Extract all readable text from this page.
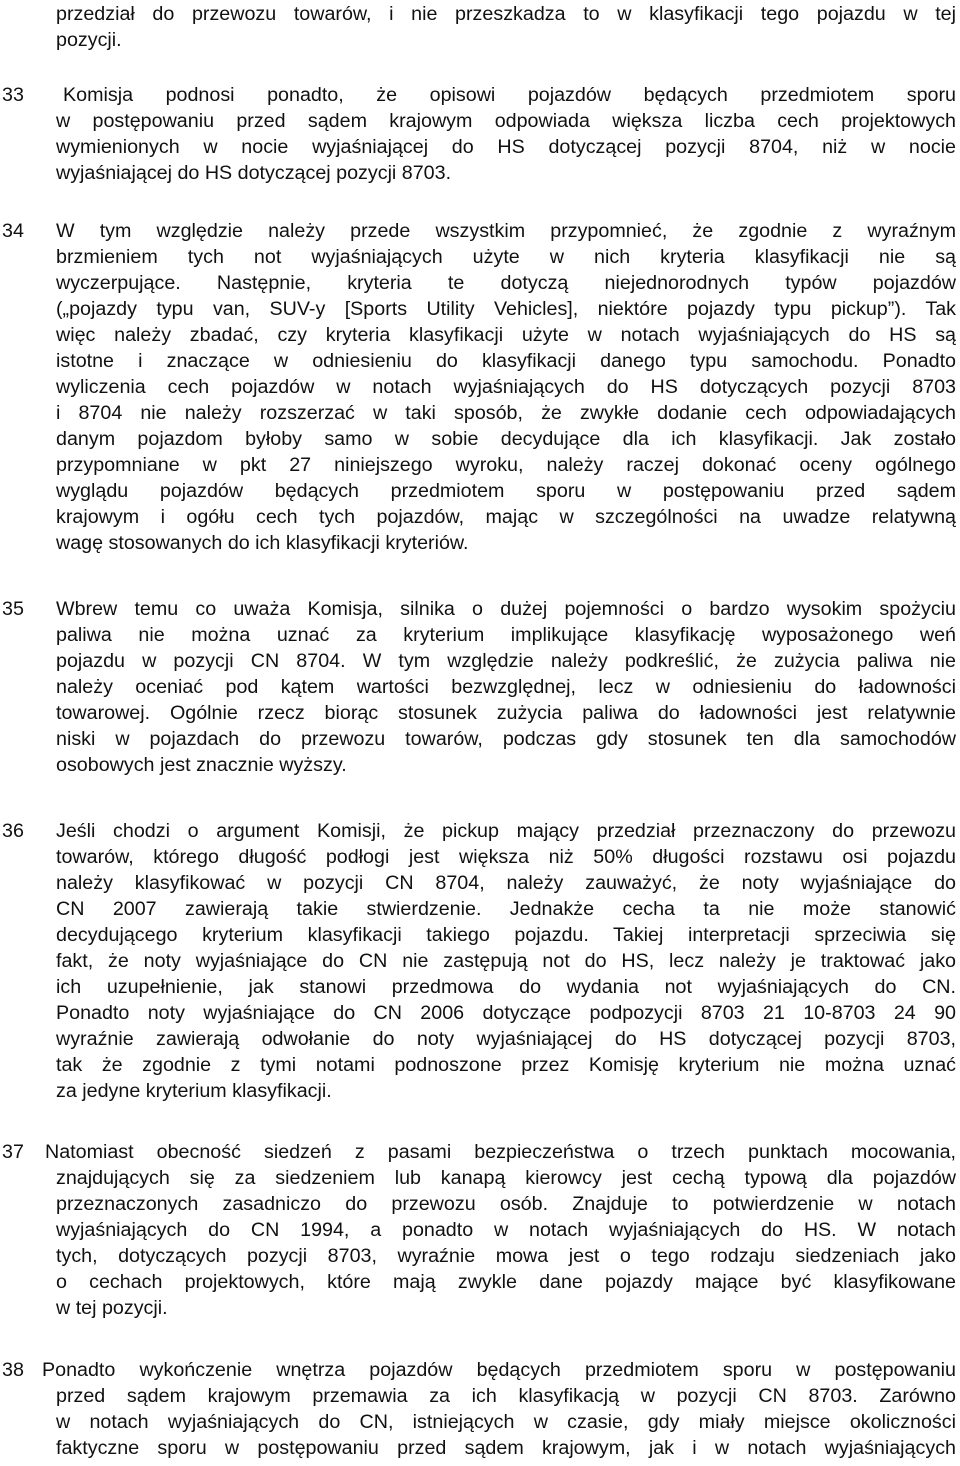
przedział do przewozu towarów, i nie przeszkadza to w klasyfikacji tego pojazdu w tej
pozycji.
33 Komisja podnosi ponadto, że opisowi pojazdów będących przedmiotem sporu
w postępowaniu przed sądem krajowym odpowiada większa liczba cech projektowych
wymienionych w nocie wyjaśniającej do HS dotyczącej pozycji 8704, niż w nocie
wyjaśniającej do HS dotyczącej pozycji 8703.
34 W tym względzie należy przede wszystkim przypomnieć, że zgodnie z wyraźnym
brzmieniem tych not wyjaśniających użyte w nich kryteria klasyfikacji nie są
wyczerpujące. Następnie, kryteria te dotyczą niejednorodnych typów pojazdów
(„pojazdy typu van, SUV-y [Sports Utility Vehicles], niektóre pojazdy typu pickup”). Tak
więc należy zbadać, czy kryteria klasyfikacji użyte w notach wyjaśniających do HS są
istotne i znaczące w odniesieniu do klasyfikacji danego typu samochodu. Ponadto
wyliczenia cech pojazdów w notach wyjaśniających do HS dotyczących pozycji 8703
i 8704 nie należy rozszerzać w taki sposób, że zwykłe dodanie cech odpowiadających
danym pojazdom byłoby samo w sobie decydujące dla ich klasyfikacji. Jak zostało
przypomniane w pkt 27 niniejszego wyroku, należy raczej dokonać oceny ogólnego
wyglądu pojazdów będących przedmiotem sporu w postępowaniu przed sądem
krajowym i ogółu cech tych pojazdów, mając w szczególności na uwadze relatywną
wagę stosowanych do ich klasyfikacji kryteriów.
35 Wbrew temu co uważa Komisja, silnika o dużej pojemności o bardzo wysokim spożyciu
paliwa nie można uznać za kryterium implikujące klasyfikację wyposażonego weń
pojazdu w pozycji CN 8704. W tym względzie należy podkreślić, że zużycia paliwa nie
należy oceniać pod kątem wartości bezwzględnej, lecz w odniesieniu do ładowności
towarowej. Ogólnie rzecz biorąc stosunek zużycia paliwa do ładowności jest relatywnie
niski w pojazdach do przewozu towarów, podczas gdy stosunek ten dla samochodów
osobowych jest znacznie wyższy.
36 Jeśli chodzi o argument Komisji, że pickup mający przedział przeznaczony do przewozu
towarów, którego długość podłogi jest większa niż 50% długości rozstawu osi pojazdu
należy klasyfikować w pozycji CN 8704, należy zauważyć, że noty wyjaśniające do
CN 2007 zawierają takie stwierdzenie. Jednakże cecha ta nie może stanowić
decydującego kryterium klasyfikacji takiego pojazdu. Takiej interpretacji sprzeciwia się
fakt, że noty wyjaśniające do CN nie zastępują not do HS, lecz należy je traktować jako
ich uzupełnienie, jak stanowi przedmowa do wydania not wyjaśniających do CN.
Ponadto noty wyjaśniające do CN 2006 dotyczące podpozycji 8703 21 10-8703 24 90
wyraźnie zawierają odwołanie do noty wyjaśniającej do HS dotyczącej pozycji 8703,
tak że zgodnie z tymi notami podnoszone przez Komisję kryterium nie można uznać
za jedyne kryterium klasyfikacji.
37 Natomiast obecność siedzeń z pasami bezpieczeństwa o trzech punktach mocowania,
znajdujących się za siedzeniem lub kanapą kierowcy jest cechą typową dla pojazdów
przeznaczonych zasadniczo do przewozu osób. Znajduje to potwierdzenie w notach
wyjaśniających do CN 1994, a ponadto w notach wyjaśniających do HS. W notach
tych, dotyczących pozycji 8703, wyraźnie mowa jest o tego rodzaju siedzeniach jako
o cechach projektowych, które mają zwykle dane pojazdy mające być klasyfikowane
w tej pozycji.
38 Ponadto wykończenie wnętrza pojazdów będących przedmiotem sporu w postępowaniu
przed sądem krajowym przemawia za ich klasyfikacją w pozycji CN 8703. Zarówno
w notach wyjaśniających do CN, istniejących w czasie, gdy miały miejsce okoliczności
faktyczne sporu w postępowaniu przed sądem krajowym, jak i w notach wyjaśniających
